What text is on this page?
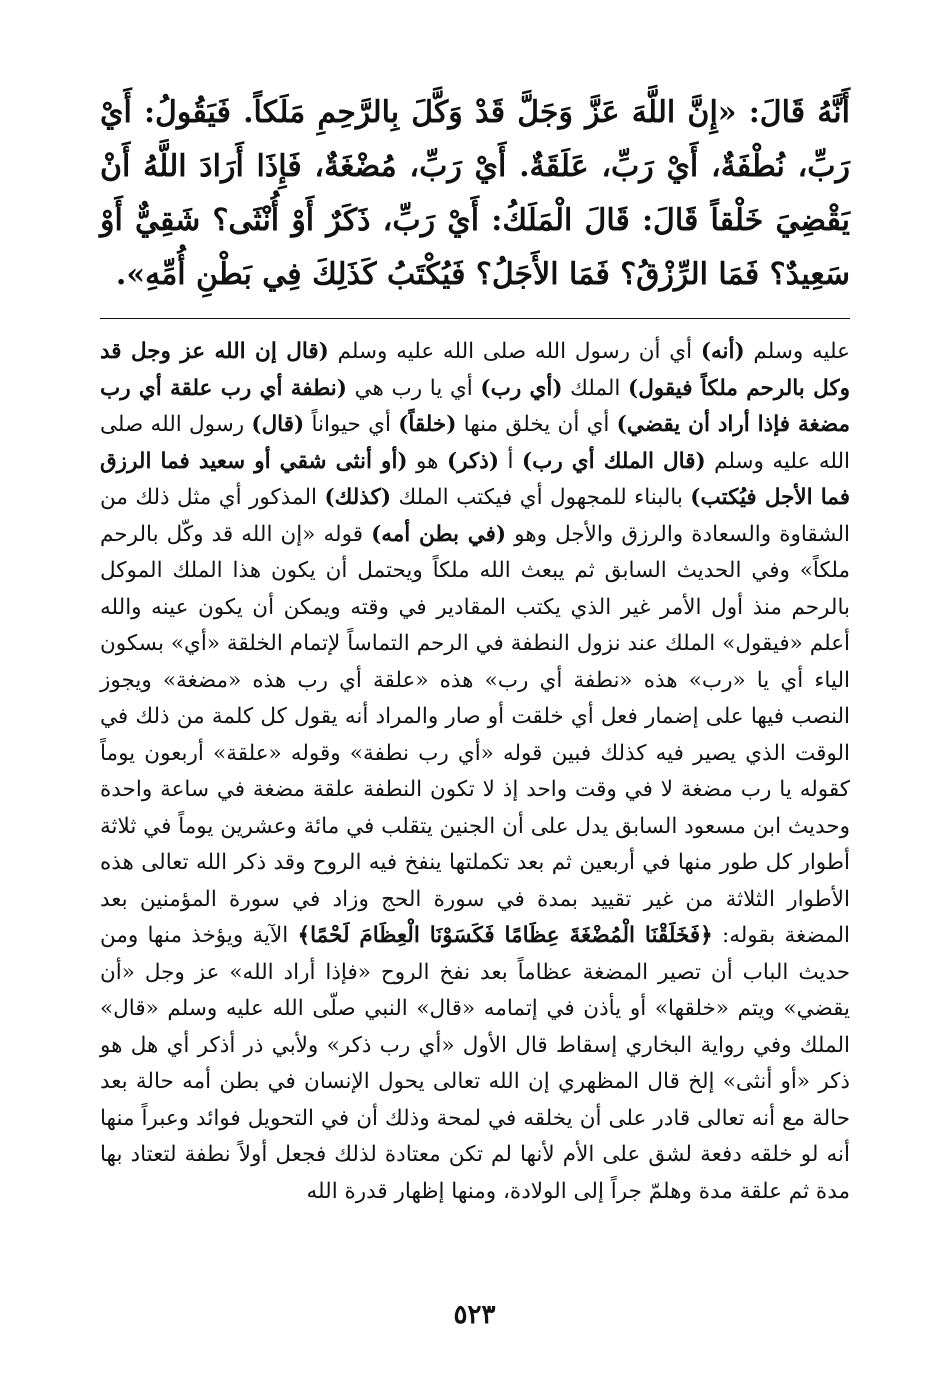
أَنَّهُ قَالَ: «إِنَّ اللَّهَ عَزَّ وَجَلَّ قَدْ وَكَّلَ بِالرَّحِمِ مَلَكاً. فَيَقُولُ: أَيْ رَبِّ، نُطْفَةٌ، أَيْ رَبِّ، عَلَقَةٌ. أَيْ رَبِّ، مُضْغَةٌ، فَإِذَا أَرَادَ اللَّهُ أَنْ يَقْضِيَ خَلْقاً قَالَ: قَالَ الْمَلَكُ: أَيْ رَبِّ، ذَكَرٌ أَوْ أُنْثَى؟ شَقِيٌّ أَوْ سَعِيدٌ؟ فَمَا الرِّزْقُ؟ فَمَا الأَجَلُ؟ فَيُكْتَبُ كَذَلِكَ فِي بَطْنِ أُمِّهِ».

عليه وسلم (أنه) أي أن رسول الله صلى الله عليه وسلم (قال إن الله عز وجل قد وكل بالرحم ملكاً فيقول) الملك (أي رب) أي يا رب هي (نطفة أي رب علقة أي رب مضغة فإذا أراد أن يقضي) أي أن يخلق منها (خلقاً) أي حيواناً (قال) رسول الله صلى الله عليه وسلم (قال الملك أي رب) أ (ذكر) هو (أو أنثى شقي أو سعيد فما الرزق فما الأجل فيُكتب) بالبناء للمجهول أي فيكتب الملك (كذلك) المذكور أي مثل ذلك من الشقاوة والسعادة والرزق والأجل وهو (في بطن أمه) قوله «إن الله قد وكّل بالرحم ملكاً» وفي الحديث السابق ثم يبعث الله ملكاً ويحتمل أن يكون هذا الملك الموكل بالرحم منذ أول الأمر غير الذي يكتب المقادير في وقته ويمكن أن يكون عينه والله أعلم «فيقول» الملك عند نزول النطفة في الرحم التماساً لإتمام الخلقة «أي» بسكون الياء أي يا «رب» هذه «نطفة أي رب» هذه «علقة أي رب هذه «مضغة» ويجوز النصب فيها على إضمار فعل أي خلقت أو صار والمراد أنه يقول كل كلمة من ذلك في الوقت الذي يصير فيه كذلك فبين قوله «أي رب نطفة» وقوله «علقة» أربعون يوماً كقوله يا رب مضغة لا في وقت واحد إذ لا تكون النطفة علقة مضغة في ساعة واحدة وحديث ابن مسعود السابق يدل على أن الجنين يتقلب في مائة وعشرين يوماً في ثلاثة أطوار كل طور منها في أربعين ثم بعد تكملتها ينفخ فيه الروح وقد ذكر الله تعالى هذه الأطوار الثلاثة من غير تقييد بمدة في سورة الحج وزاد في سورة المؤمنين بعد المضغة بقوله: ﴿فَخَلَقْنَا الْمُضْغَةَ عِظَامًا فَكَسَوْنَا الْعِظَامَ لَحْمًا﴾ الآية ويؤخذ منها ومن حديث الباب أن تصير المضغة عظاماً بعد نفخ الروح «فإذا أراد الله» عز وجل «أن يقضي» ويتم «خلقها» أو يأذن في إتمامه «قال» النبي صلّى الله عليه وسلم «قال» الملك وفي رواية البخاري إسقاط قال الأول «أي رب ذكر» ولأبي ذر أذكر أي هل هو ذكر «أو أنثى» إلخ قال المظهري إن الله تعالى يحول الإنسان في بطن أمه حالة بعد حالة مع أنه تعالى قادر على أن يخلقه في لمحة وذلك أن في التحويل فوائد وعبراً منها أنه لو خلقه دفعة لشق على الأم لأنها لم تكن معتادة لذلك فجعل أولاً نطفة لتعتاد بها مدة ثم علقة مدة وهلمّ جراً إلى الولادة، ومنها إظهار قدرة الله

٥٢٣
